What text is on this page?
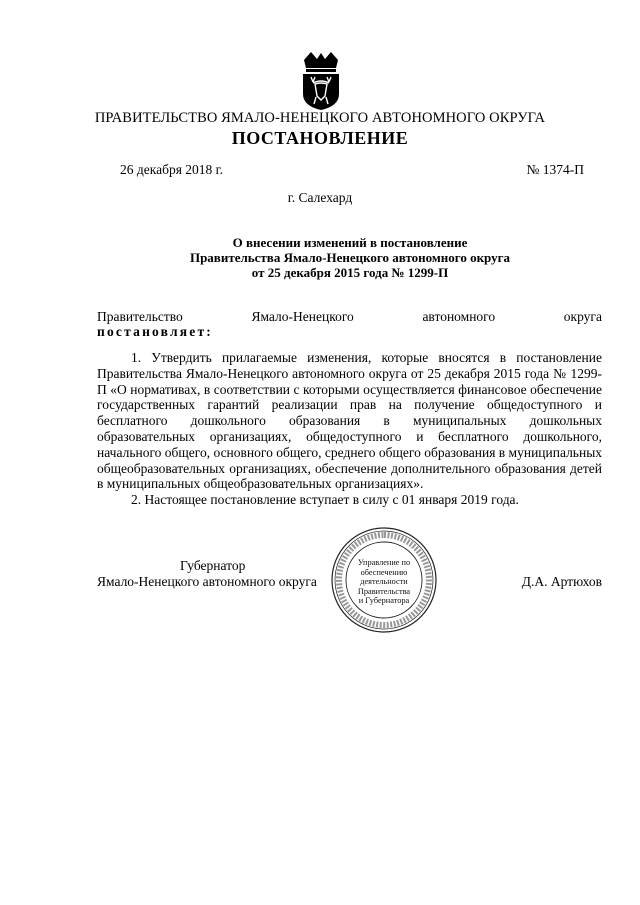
ПРАВИТЕЛЬСТВО ЯМАЛО-НЕНЕЦКОГО АВТОНОМНОГО ОКРУГА
ПОСТАНОВЛЕНИЕ
26 декабря 2018 г.	№ 1374-П
г. Салехард
О внесении изменений в постановление
Правительства Ямало-Ненецкого автономного округа
от 25 декабря 2015 года № 1299-П
Правительство	Ямало-Ненецкого	автономного	округа
постановляет:

1. Утвердить прилагаемые изменения, которые вносятся в постановление Правительства Ямало-Ненецкого автономного округа от 25 декабря 2015 года № 1299-П «О нормативах, в соответствии с которыми осуществляется финансовое обеспечение государственных гарантий реализации прав на получение общедоступного и бесплатного дошкольного образования в муниципальных дошкольных образовательных организациях, общедоступного и бесплатного дошкольного, начального общего, основного общего, среднего общего образования в муниципальных общеобразовательных организациях, обеспечение дополнительного образования детей в муниципальных общеобразовательных организациях».

2. Настоящее постановление вступает в силу с 01 января 2019 года.

Губернатор
Ямало-Ненецкого автономного округа	Д.А. Артюхов
Управление по
обеспечению
деятельности
Правительства
и Губернатора
